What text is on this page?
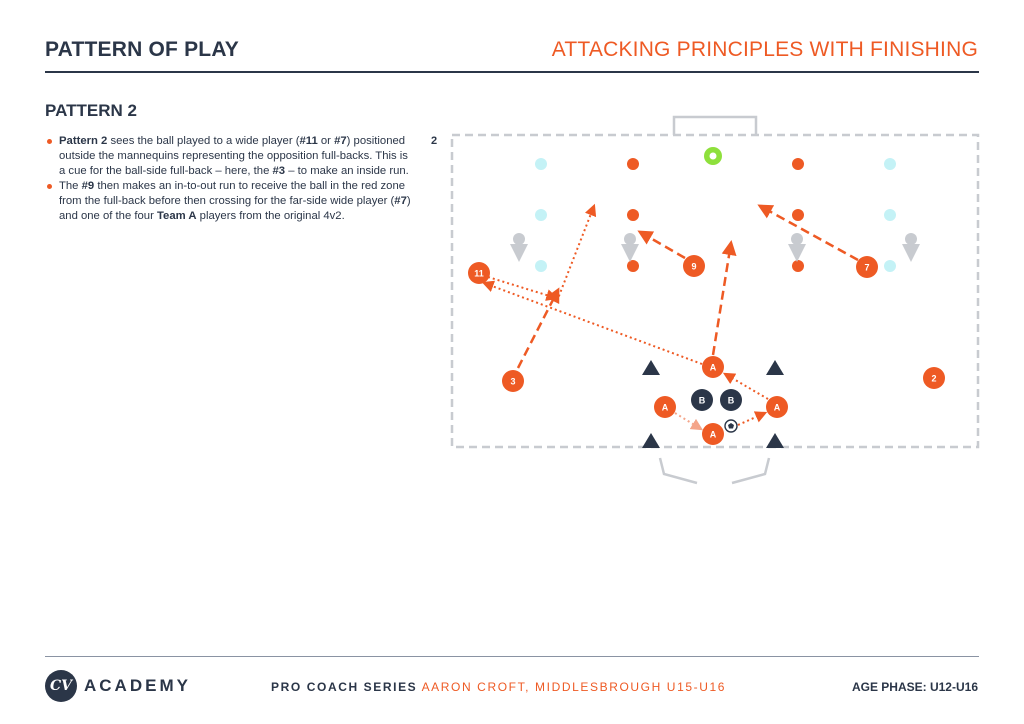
PATTERN OF PLAY	ATTACKING PRINCIPLES WITH FINISHING
PATTERN 2
Pattern 2 sees the ball played to a wide player (#11 or #7) positioned outside the mannequins representing the opposition full-backs. This is a cue for the ball-side full-back – here, the #3 – to make an inside run.
The #9 then makes an in-to-out run to receive the ball in the red zone from the full-back before then crossing for the far-side wide player (#7) and one of the four Team A players from the original 4v2.
2
11
9	7
3	2
A
A	A
A
B	B
CV ACADEMY	PRO COACH SERIES AARON CROFT, MIDDLESBROUGH U15-U16	AGE PHASE: U12-U16
